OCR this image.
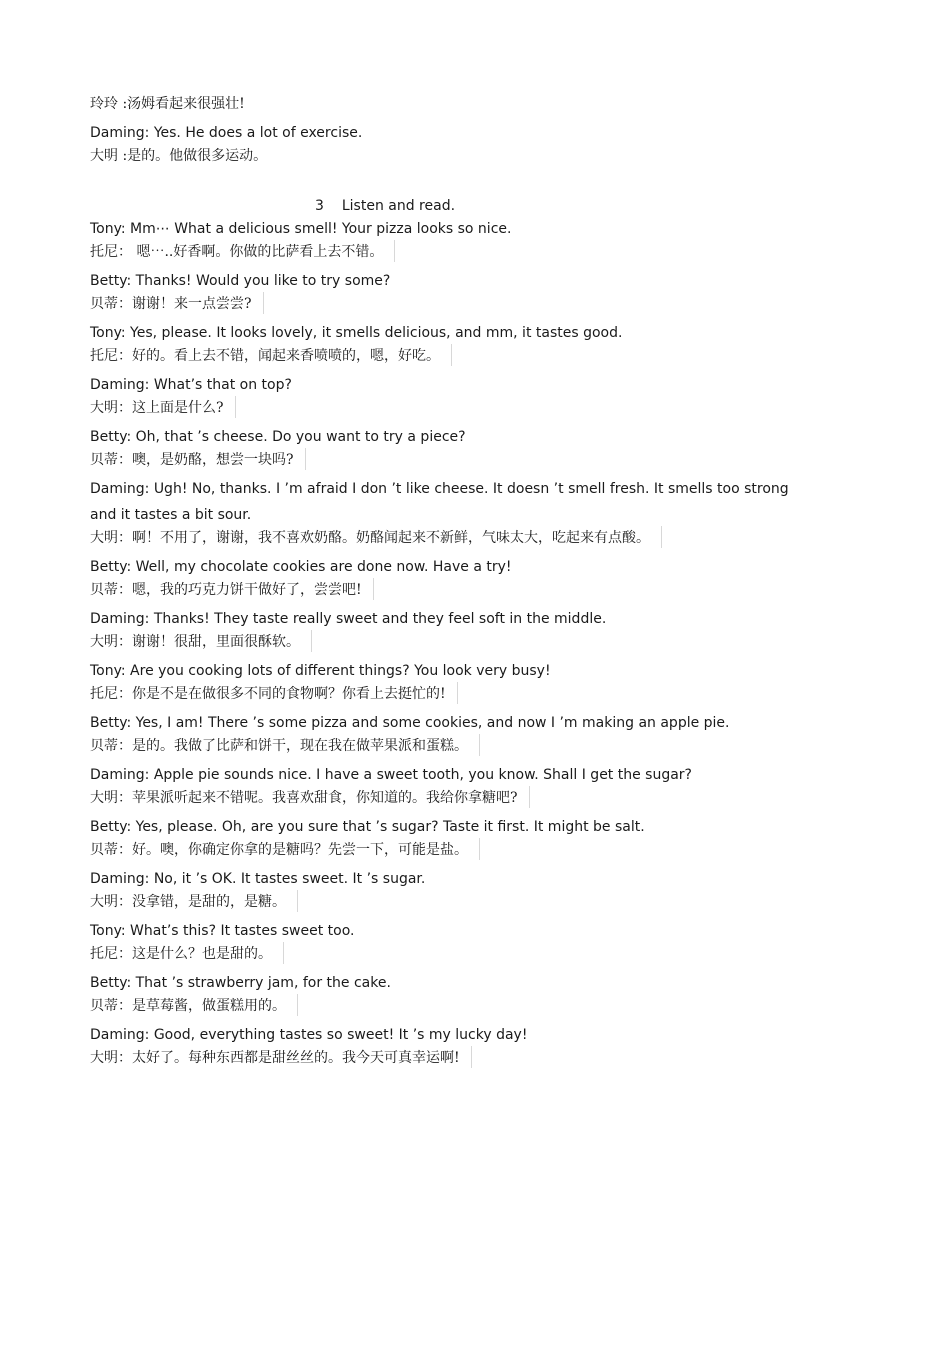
玲玲 :汤姆看起来很强壮!
Daming: Yes. He does a lot of exercise.
大明 :是的。他做很多运动。
3 Listen and read.
Tony: Mm⋯ What a delicious smell! Your pizza looks so nice.
托尼： 嗯⋯..好香啊。你做的比萨看上去不错。
Betty: Thanks! Would you like to try some?
贝蒂：谢谢！来一点尝尝?
Tony: Yes, please. It looks lovely, it smells delicious, and mm, it tastes good.
托尼：好的。看上去不错，闻起来香喷喷的，嗯，好吃。
Daming: What’s that on top?
大明：这上面是什么?
Betty: Oh, that ’s cheese. Do you want to try a piece?
贝蒂：噢，是奶酪，想尝一块吗?
Daming: Ugh! No, thanks. I ’m afraid I don ’t like cheese. It doesn ’t smell fresh. It smells too strong
and it tastes a bit sour.
大明：啊！不用了，谢谢，我不喜欢奶酪。奶酪闻起来不新鲜，气味太大，吃起来有点酸。
Betty: Well, my chocolate cookies are done now. Have a try!
贝蒂：嗯，我的巧克力饼干做好了，尝尝吧!
Daming: Thanks! They taste really sweet and they feel soft in the middle.
大明：谢谢！很甜，里面很酥软。
Tony: Are you cooking lots of different things? You look very busy!
托尼：你是不是在做很多不同的食物啊？你看上去挺忙的!
Betty: Yes, I am! There ’s some pizza and some cookies, and now I ’m making an apple pie.
贝蒂：是的。我做了比萨和饼干，现在我在做苹果派和蛋糕。
Daming: Apple pie sounds nice. I have a sweet tooth, you know. Shall I get the sugar?
大明：苹果派听起来不错呢。我喜欢甜食，你知道的。我给你拿糖吧?
Betty: Yes, please. Oh, are you sure that ’s sugar? Taste it first. It might be salt.
贝蒂：好。噢，你确定你拿的是糖吗？先尝一下，可能是盐。
Daming: No, it ’s OK. It tastes sweet. It ’s sugar.
大明：没拿错，是甜的，是糖。
Tony: What’s this? It tastes sweet too.
托尼：这是什么？也是甜的。
Betty: That ’s strawberry jam, for the cake.
贝蒂：是草莓酱，做蛋糕用的。
Daming: Good, everything tastes so sweet! It ’s my lucky day!
大明：太好了。每种东西都是甜丝丝的。我今天可真幸运啊!
